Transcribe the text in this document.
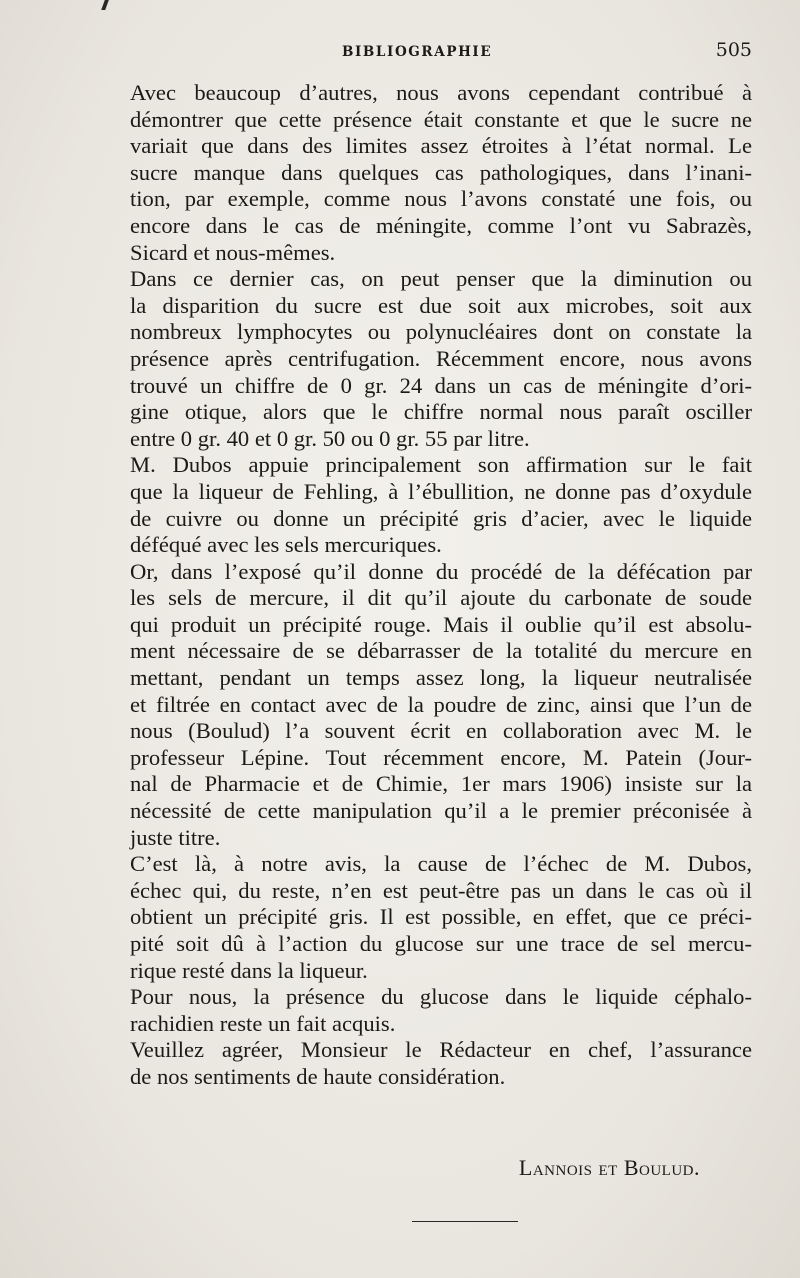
BIBLIOGRAPHIE	505

Avec beaucoup d’autres, nous avons cependant contribué à
démontrer que cette présence était constante et que le sucre ne
variait que dans des limites assez étroites à l’état normal. Le
sucre manque dans quelques cas pathologiques, dans l’inani-
tion, par exemple, comme nous l’avons constaté une fois, ou
encore dans le cas de méningite, comme l’ont vu Sabrazès,
Sicard et nous-mêmes.

Dans ce dernier cas, on peut penser que la diminution ou
la disparition du sucre est due soit aux microbes, soit aux
nombreux lymphocytes ou polynucléaires dont on constate la
présence après centrifugation. Récemment encore, nous avons
trouvé un chiffre de 0 gr. 24 dans un cas de méningite d’ori-
gine otique, alors que le chiffre normal nous paraît osciller
entre 0 gr. 40 et 0 gr. 50 ou 0 gr. 55 par litre.

M. Dubos appuie principalement son affirmation sur le fait
que la liqueur de Fehling, à l’ébullition, ne donne pas d’oxydule
de cuivre ou donne un précipité gris d’acier, avec le liquide
déféqué avec les sels mercuriques.

Or, dans l’exposé qu’il donne du procédé de la défécation par
les sels de mercure, il dit qu’il ajoute du carbonate de soude
qui produit un précipité rouge. Mais il oublie qu’il est absolu-
ment nécessaire de se débarrasser de la totalité du mercure en
mettant, pendant un temps assez long, la liqueur neutralisée
et filtrée en contact avec de la poudre de zinc, ainsi que l’un de
nous (Boulud) l’a souvent écrit en collaboration avec M. le
professeur Lépine. Tout récemment encore, M. Patein (Jour-
nal de Pharmacie et de Chimie, 1er mars 1906) insiste sur la
nécessité de cette manipulation qu’il a le premier préconisée à
juste titre.

C’est là, à notre avis, la cause de l’échec de M. Dubos,
échec qui, du reste, n’en est peut-être pas un dans le cas où il
obtient un précipité gris. Il est possible, en effet, que ce préci-
pité soit dû à l’action du glucose sur une trace de sel mercu-
rique resté dans la liqueur.

Pour nous, la présence du glucose dans le liquide céphalo-
rachidien reste un fait acquis.

Veuillez agréer, Monsieur le Rédacteur en chef, l’assurance
de nos sentiments de haute considération.

Lannois et Boulud.
